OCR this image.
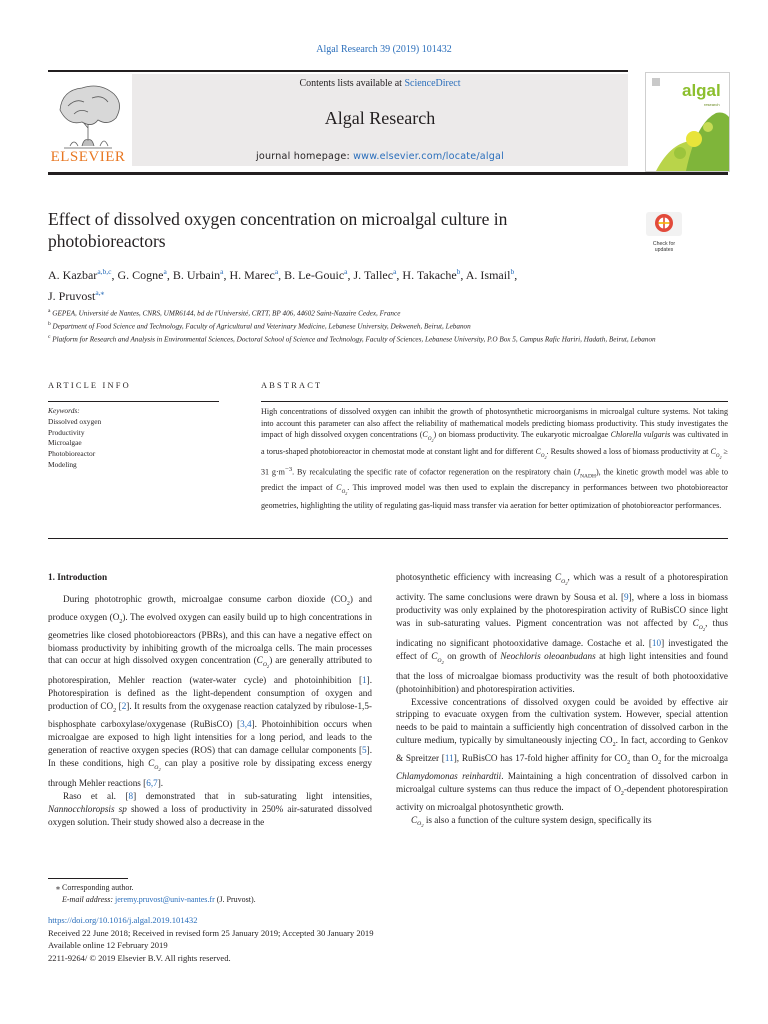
Algal Research 39 (2019) 101432
ELSEVIER
Contents lists available at ScienceDirect
Algal Research
journal homepage: www.elsevier.com/locate/algal
algal
research
Effect of dissolved oxygen concentration on microalgal culture in
photobioreactors	Check for
updates
A. Kazbar$^{a,b,c}$, G. Cogne$^a$, B. Urbain$^a$, H. Marec$^a$, B. Le-Gouic$^a$, J. Tallec$^a$, H. Takache$^b$, A. Ismail$^b$,
J. Pruvost$^{a,⁎}$
$^a$ GEPEA, Université de Nantes, CNRS, UMR6144, bd de l'Université, CRTT, BP 406, 44602 Saint-Nazaire Cedex, France
$^b$ Department of Food Science and Technology, Faculty of Agricultural and Veterinary Medicine, Lebanese University, Dekweneh, Beirut, Lebanon
$^c$ Platform for Research and Analysis in Environmental Sciences, Doctoral School of Science and Technology, Faculty of Sciences, Lebanese University, P.O Box 5, Campus Rafic Hariri, Hadath, Beirut, Lebanon
ARTICLE INFO	ABSTRACT
Keywords:
Dissolved oxygen
Productivity
Microalgae
Photobioreactor
Modeling
High concentrations of dissolved oxygen can inhibit the growth of photosynthetic microorganisms in microalgal culture systems. Not taking into account this parameter can also affect the reliability of mathematical models predicting biomass productivity. This study investigates the impact of high dissolved oxygen concentrations $(C_{O_2})$ on biomass productivity. The eukaryotic microalgae Chlorella vulgaris was cultivated in a torus-shaped photobioreactor in chemostat mode at constant light and for different $C_{O_2}$. Results showed a loss of biomass productivity at $C_{O_2} \ge 31$ $g\cdot m^{-3}$. By recalculating the specific rate of cofactor regeneration on the respiratory chain $(J_{NADH})$, the kinetic growth model was able to predict the impact of $C_{O_2}$. This improved model was then used to explain the discrepancy in performances between two photobioreactor geometries, highlighting the utility of regulating gas-liquid mass transfer via aeration for better optimization of photobioreactor performances.
1. Introduction

During phototrophic growth, microalgae consume carbon dioxide $(CO_2)$ and produce oxygen $(O_2)$. The evolved oxygen can easily build up to high concentrations in geometries like closed photobioreactors (PBRs), and this can have a negative effect on biomass productivity by inhibiting growth of the microalga cells. The main processes that can occur at high dissolved oxygen concentration $(C_{O_2})$ are generally attributed to photorespiration, Mehler reaction (water-water cycle) and photoinhibition [1]. Photorespiration is defined as the light-dependent consumption of oxygen and production of $CO_2$ [2]. It results from the oxygenase reaction catalyzed by ribulose-1,5-bisphosphate carboxylase/oxygenase (RuBisCO) [3,4]. Photoinhibition occurs when microalgae are exposed to high light intensities for a long period, and leads to the generation of reactive oxygen species (ROS) that can damage cellular components [5]. In these conditions, high $C_{O_2}$ can play a positive role by dissipating excess energy through Mehler reactions [6,7].

Raso et al. [8] demonstrated that in sub-saturating light intensities, Nannocchloropsis sp showed a loss of productivity in 250% air-saturated dissolved oxygen solution. Their study showed also a decrease in the

photosynthetic efficiency with increasing $C_{O_2}$, which was a result of a photorespiration activity. The same conclusions were drawn by Sousa et al. [9], where a loss in biomass productivity was only explained by the photorespiration activity of RuBisCO since light was in sub-saturating values. Pigment concentration was not affected by $C_{O_2}$, thus indicating no significant photooxidative damage. Costache et al. [10] investigated the effect of $C_{O_2}$ on growth of Neochloris oleoanbudans at high light intensities and found that the loss of microalgae biomass productivity was the result of both photooxidative (photoinhibition) and photorespiration activities.

Excessive concentrations of dissolved oxygen could be avoided by effective air stripping to evacuate oxygen from the cultivation system. However, special attention needs to be paid to maintain a sufficiently high concentration of dissolved carbon in the culture medium, typically by simultaneously injecting $CO_2$. In fact, according to Genkov & Spreitzer [11], RuBisCO has 17-fold higher affinity for $CO_2$ than $O_2$ for the microalga Chlamydomonas reinhardtii. Maintaining a high concentration of dissolved carbon in microalgal culture systems can thus reduce the impact of $O_2$-dependent photorespiration activity on microalgal photosynthetic growth.

$C_{O_2}$ is also a function of the culture system design, specifically its

⁎ Corresponding author.
E-mail address: jeremy.pruvost@univ-nantes.fr (J. Pruvost).
https://doi.org/10.1016/j.algal.2019.101432
Received 22 June 2018; Received in revised form 25 January 2019; Accepted 30 January 2019
Available online 12 February 2019
2211-9264/ © 2019 Elsevier B.V. All rights reserved.
